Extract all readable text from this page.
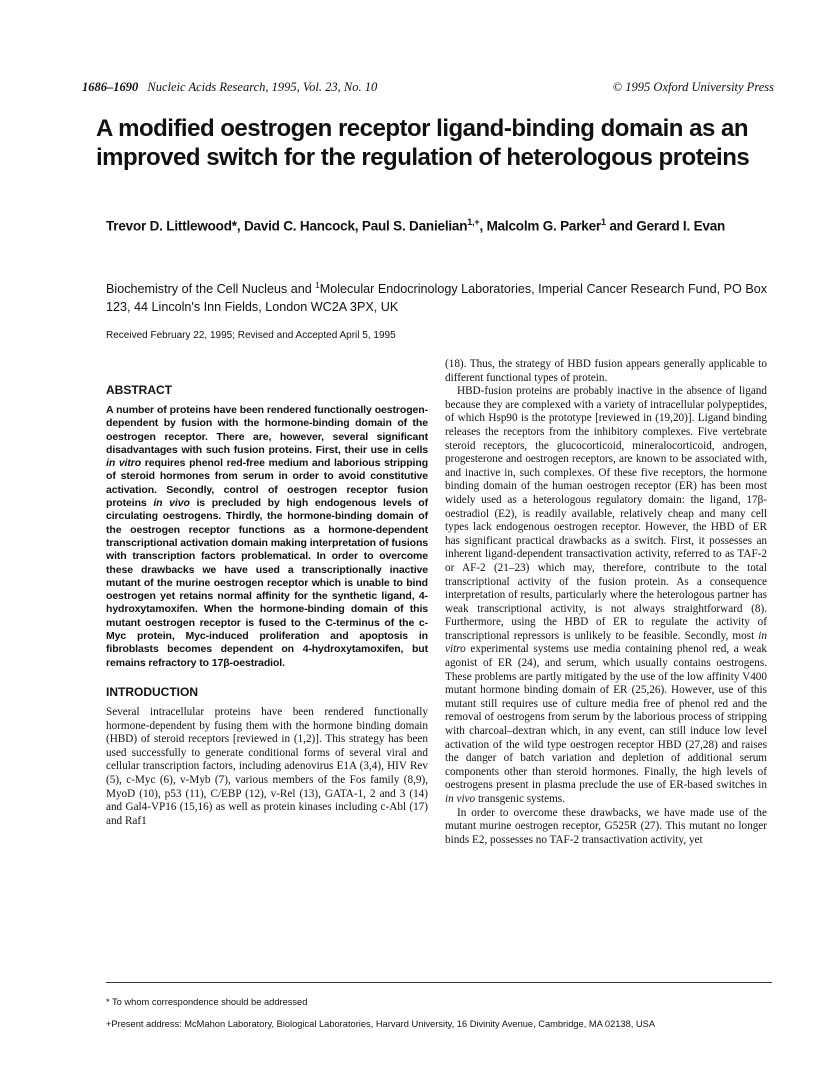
1686–1690 Nucleic Acids Research, 1995, Vol. 23, No. 10	© 1995 Oxford University Press
A modified oestrogen receptor ligand-binding domain as an improved switch for the regulation of heterologous proteins

Trevor D. Littlewood*, David C. Hancock, Paul S. Danielian$^{1,+}$, Malcolm G. Parker$^1$ and Gerard I. Evan

Biochemistry of the Cell Nucleus and $^1$Molecular Endocrinology Laboratories, Imperial Cancer Research Fund, PO Box 123, 44 Lincoln's Inn Fields, London WC2A 3PX, UK

Received February 22, 1995; Revised and Accepted April 5, 1995

ABSTRACT

A number of proteins have been rendered functionally oestrogen-dependent by fusion with the hormone-binding domain of the oestrogen receptor. There are, however, several significant disadvantages with such fusion proteins. First, their use in cells in vitro requires phenol red-free medium and laborious stripping of steroid hormones from serum in order to avoid constitutive activation. Secondly, control of oestrogen receptor fusion proteins in vivo is precluded by high endogenous levels of circulating oestrogens. Thirdly, the hormone-binding domain of the oestrogen receptor functions as a hormone-dependent transcriptional activation domain making interpretation of fusions with transcription factors problematical. In order to overcome these drawbacks we have used a transcriptionally inactive mutant of the murine oestrogen receptor which is unable to bind oestrogen yet retains normal affinity for the synthetic ligand, 4-hydroxytamoxifen. When the hormone-binding domain of this mutant oestrogen receptor is fused to the C-terminus of the c-Myc protein, Myc-induced proliferation and apoptosis in fibroblasts becomes dependent on 4-hydroxytamoxifen, but remains refractory to 17β-oestradiol.

INTRODUCTION

Several intracellular proteins have been rendered functionally hormone-dependent by fusing them with the hormone binding domain (HBD) of steroid receptors [reviewed in (1,2)]. This strategy has been used successfully to generate conditional forms of several viral and cellular transcription factors, including adenovirus E1A (3,4), HIV Rev (5), c-Myc (6), v-Myb (7), various members of the Fos family (8,9), MyoD (10), p53 (11), C/EBP (12), v-Rel (13), GATA-1, 2 and 3 (14) and Gal4-VP16 (15,16) as well as protein kinases including c-Abl (17) and Raf1

(18). Thus, the strategy of HBD fusion appears generally applicable to different functional types of protein.

HBD-fusion proteins are probably inactive in the absence of ligand because they are complexed with a variety of intracellular polypeptides, of which Hsp90 is the prototype [reviewed in (19,20)]. Ligand binding releases the receptors from the inhibitory complexes. Five vertebrate steroid receptors, the glucocorticoid, mineralocorticoid, androgen, progesterone and oestrogen receptors, are known to be associated with, and inactive in, such complexes. Of these five receptors, the hormone binding domain of the human oestrogen receptor (ER) has been most widely used as a heterologous regulatory domain: the ligand, 17β-oestradiol (E2), is readily available, relatively cheap and many cell types lack endogenous oestrogen receptor. However, the HBD of ER has significant practical drawbacks as a switch. First, it possesses an inherent ligand-dependent transactivation activity, referred to as TAF-2 or AF-2 (21–23) which may, therefore, contribute to the total transcriptional activity of the fusion protein. As a consequence interpretation of results, particularly where the heterologous partner has weak transcriptional activity, is not always straightforward (8). Furthermore, using the HBD of ER to regulate the activity of transcriptional repressors is unlikely to be feasible. Secondly, most in vitro experimental systems use media containing phenol red, a weak agonist of ER (24), and serum, which usually contains oestrogens. These problems are partly mitigated by the use of the low affinity V400 mutant hormone binding domain of ER (25,26). However, use of this mutant still requires use of culture media free of phenol red and the removal of oestrogens from serum by the laborious process of stripping with charcoal–dextran which, in any event, can still induce low level activation of the wild type oestrogen receptor HBD (27,28) and raises the danger of batch variation and depletion of additional serum components other than steroid hormones. Finally, the high levels of oestrogens present in plasma preclude the use of ER-based switches in in vivo transgenic systems.

In order to overcome these drawbacks, we have made use of the mutant murine oestrogen receptor, G525R (27). This mutant no longer binds E2, possesses no TAF-2 transactivation activity, yet

* To whom correspondence should be addressed

+Present address: McMahon Laboratory, Biological Laboratories, Harvard University, 16 Divinity Avenue, Cambridge, MA 02138, USA
